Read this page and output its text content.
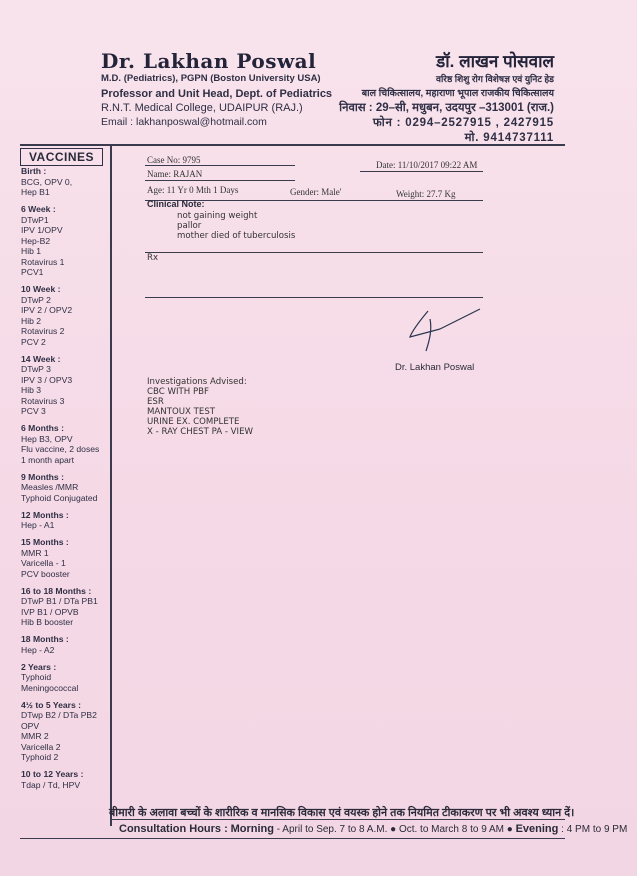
Dr. Lakhan Poswal
M.D. (Pediatrics), PGPN (Boston University USA)
Professor and Unit Head, Dept. of Pediatrics
R.N.T. Medical College, UDAIPUR (RAJ.)
Email : lakhanposwal@hotmail.com
डॉ. लाखन पोसवाल
वरिष्ठ शिशु रोग विशेषज्ञ एवं युनिट हेड
बाल चिकित्सालय, महाराणा भूपाल राजकीय चिकित्सालय
निवास : 29–सी, मधुबन, उदयपुर –313001 (राज.)
फोन : 0294–2527915 , 2427915
मो. 9414737111
VACCINES
Birth :
BCG, OPV 0,
Hep B1
6 Week :
DTwP1
IPV 1/OPV
Hep-B2
Hib 1
Rotavirus 1
PCV1
10 Week :
DTwP 2
IPV 2 / OPV2
Hib 2
Rotavirus 2
PCV 2
14 Week :
DTwP 3
IPV 3 / OPV3
Hib 3
Rotavirus 3
PCV 3
6 Months :
Hep B3, OPV
Flu vaccine, 2 doses
1 month apart
9 Months :
Measles /MMR
Typhoid Conjugated
12 Months :
Hep - A1
15 Months :
MMR 1
Varicella - 1
PCV booster
16 to 18 Months :
DTwP B1 / DTa PB1
IVP B1 / OPVB
Hib B booster
18 Months :
Hep - A2
2 Years :
Typhoid
Meningococcal
4½ to 5 Years :
DTwp B2 / DTa PB2
OPV
MMR 2
Varicella 2
Typhoid 2
10 to 12 Years :
Tdap / Td, HPV
Case No: 9795	Date: 11/10/2017 09:22 AM
Name: RAJAN
Age: 11 Yr 0 Mth 1 Days	Gender: Male'	Weight: 27.7 Kg
Clinical Note:
not gaining weight
pallor
mother died of tuberculosis
Rx
Dr. Lakhan Poswal
Investigations Advised:
CBC WITH PBF
ESR
MANTOUX TEST
URINE EX. COMPLETE
X - RAY CHEST PA - VIEW
बीमारी के अलावा बच्चों के शारीरिक व मानसिक विकास एवं वयस्क होने तक नियमित टीकाकरण पर भी अवश्य ध्यान दें।
Consultation Hours : Morning - April to Sep. 7 to 8 A.M. ● Oct. to March 8 to 9 AM ● Evening : 4 PM to 9 PM
